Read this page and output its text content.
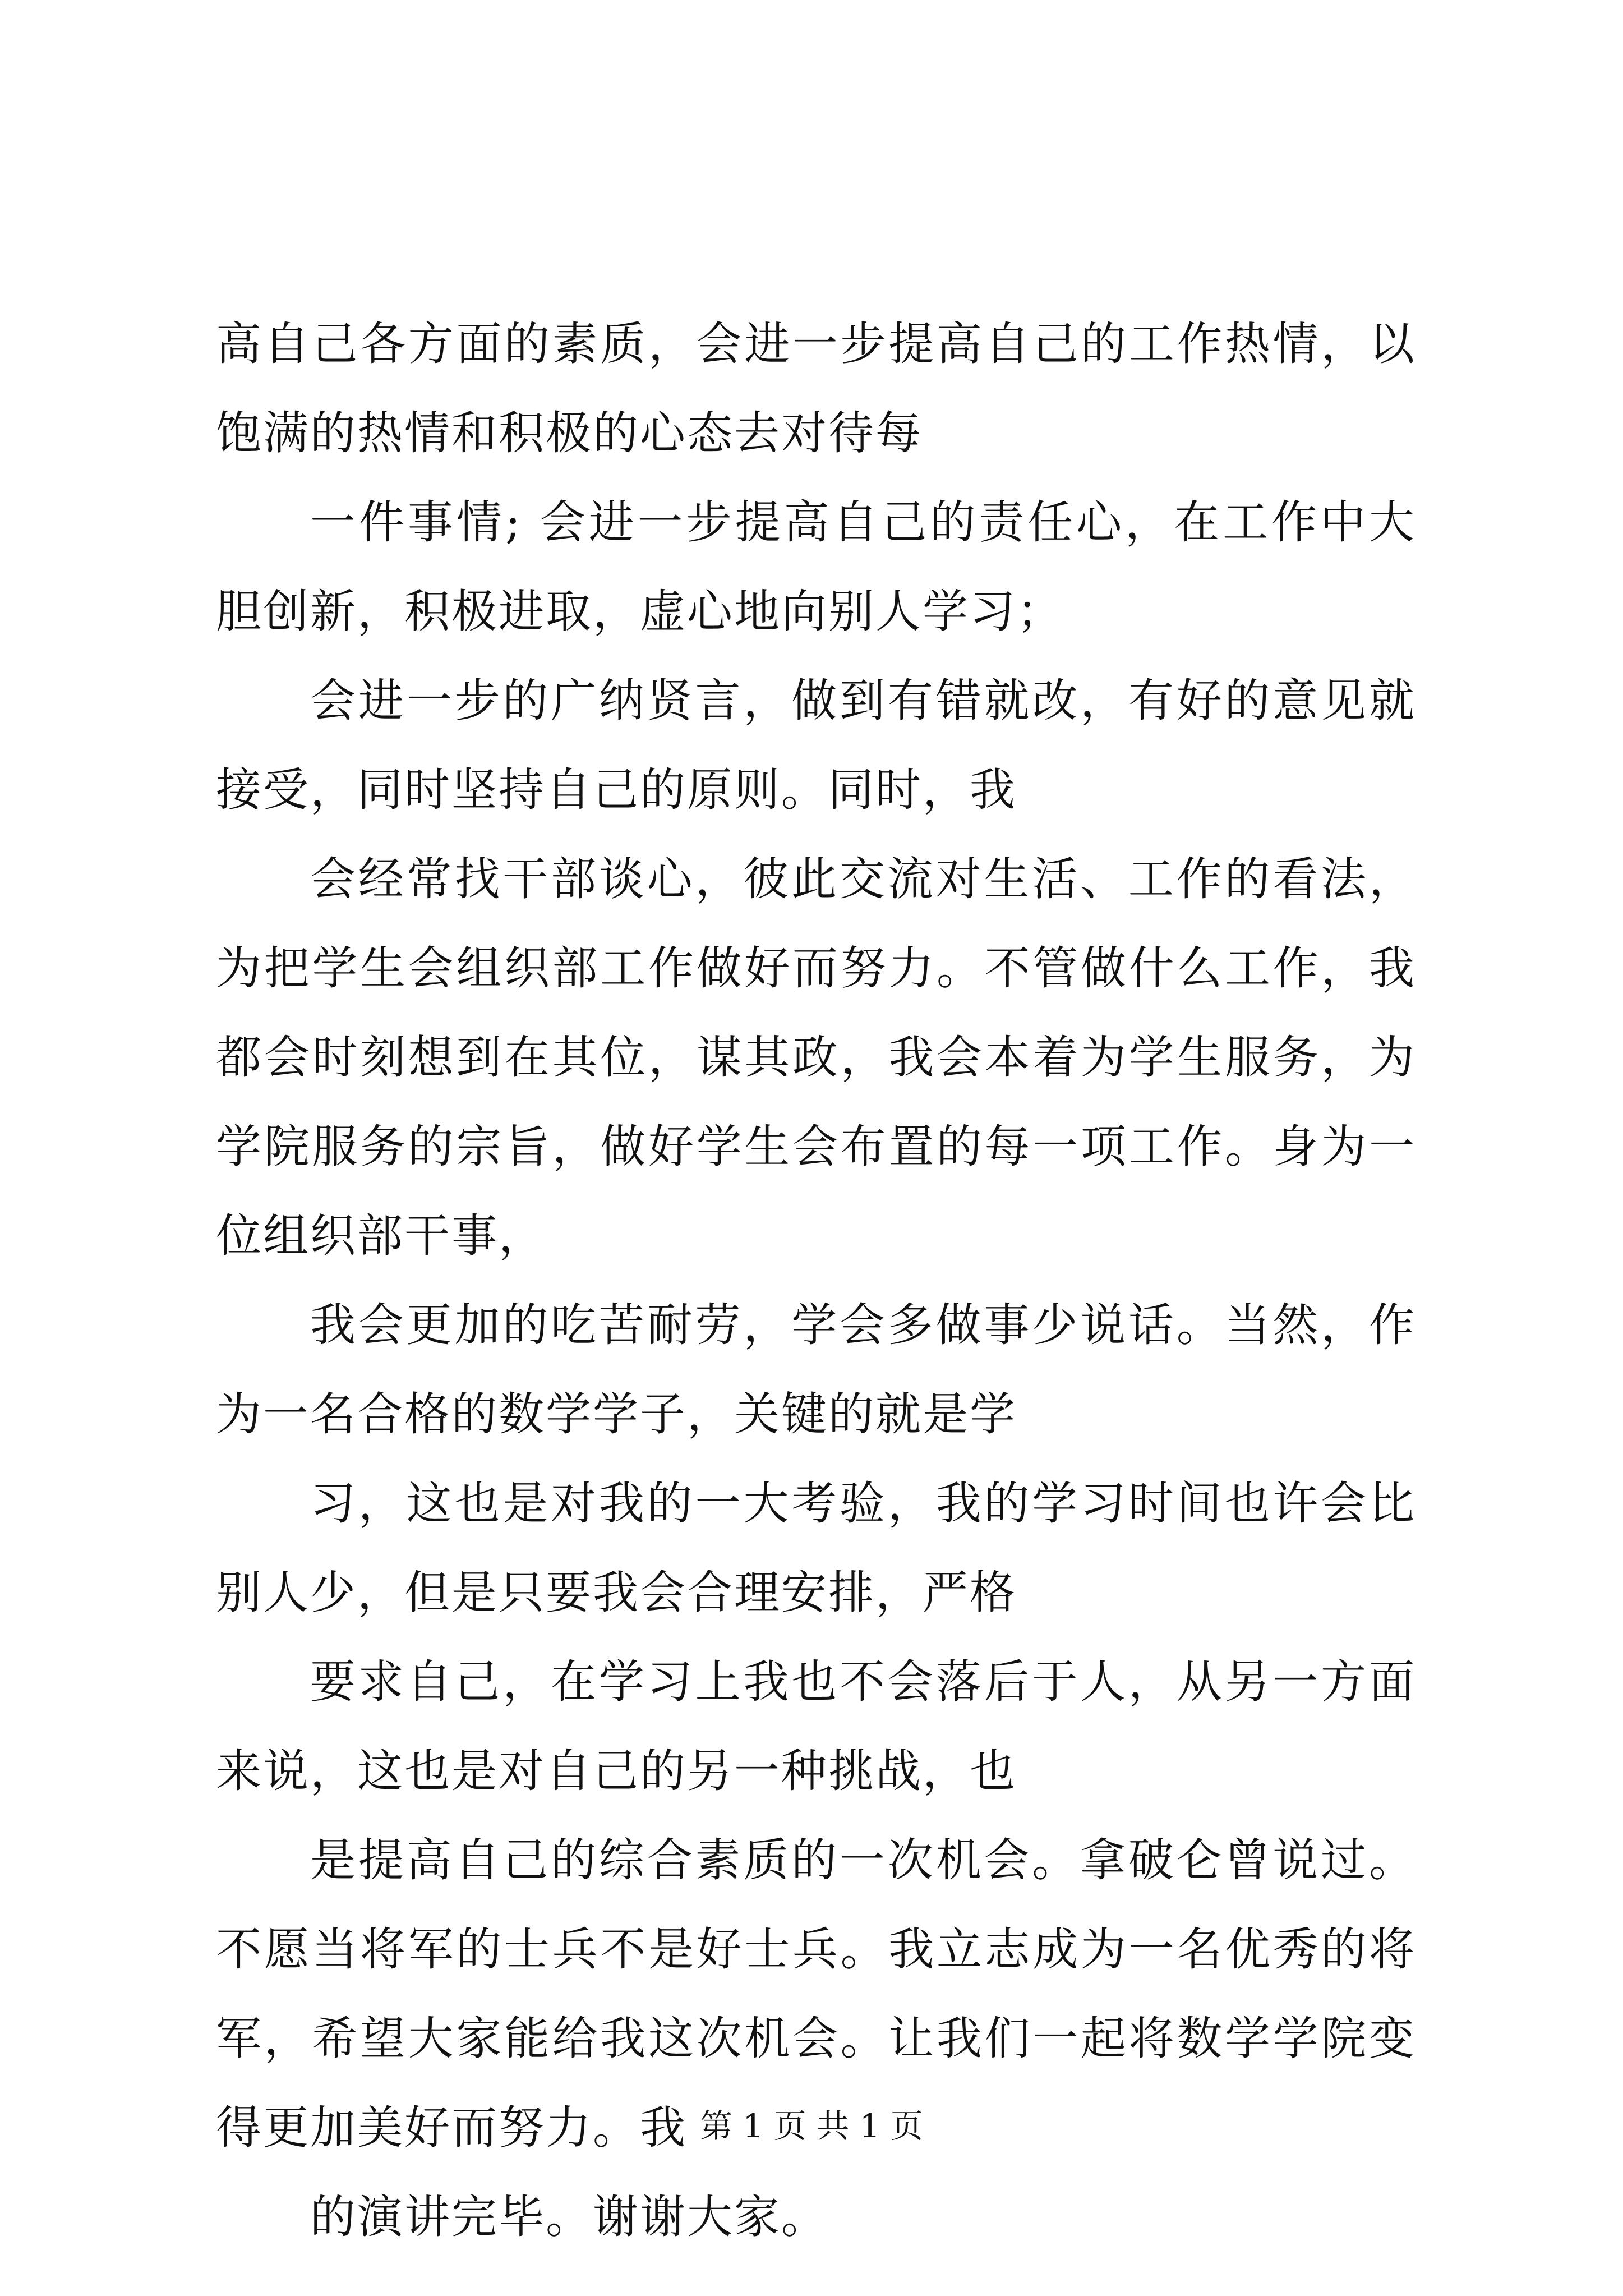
高自己各方面的素质，会进一步提高自己的工作热情，以饱满的热情和积极的心态去对待每

一件事情; 会进一步提高自己的责任心，在工作中大胆创新，积极进取，虚心地向别人学习；

会进一步的广纳贤言，做到有错就改，有好的意见就接受，同时坚持自己的原则。同时，我

会经常找干部谈心，彼此交流对生活、工作的看法，为把学生会组织部工作做好而努力。不管做什么工作，我都会时刻想到在其位，谋其政，我会本着为学生服务，为学院服务的宗旨，做好学生会布置的每一项工作。身为一位组织部干事，

我会更加的吃苦耐劳，学会多做事少说话。当然，作为一名合格的数学学子，关键的就是学

习，这也是对我的一大考验，我的学习时间也许会比别人少，但是只要我会合理安排，严格

要求自己，在学习上我也不会落后于人，从另一方面来说，这也是对自己的另一种挑战，也

是提高自己的综合素质的一次机会。拿破仑曾说过。不愿当将军的士兵不是好士兵。我立志成为一名优秀的将军，希望大家能给我这次机会。让我们一起将数学学院变得更加美好而努力。我

的演讲完毕。谢谢大家。

第 1 页 共 1 页
